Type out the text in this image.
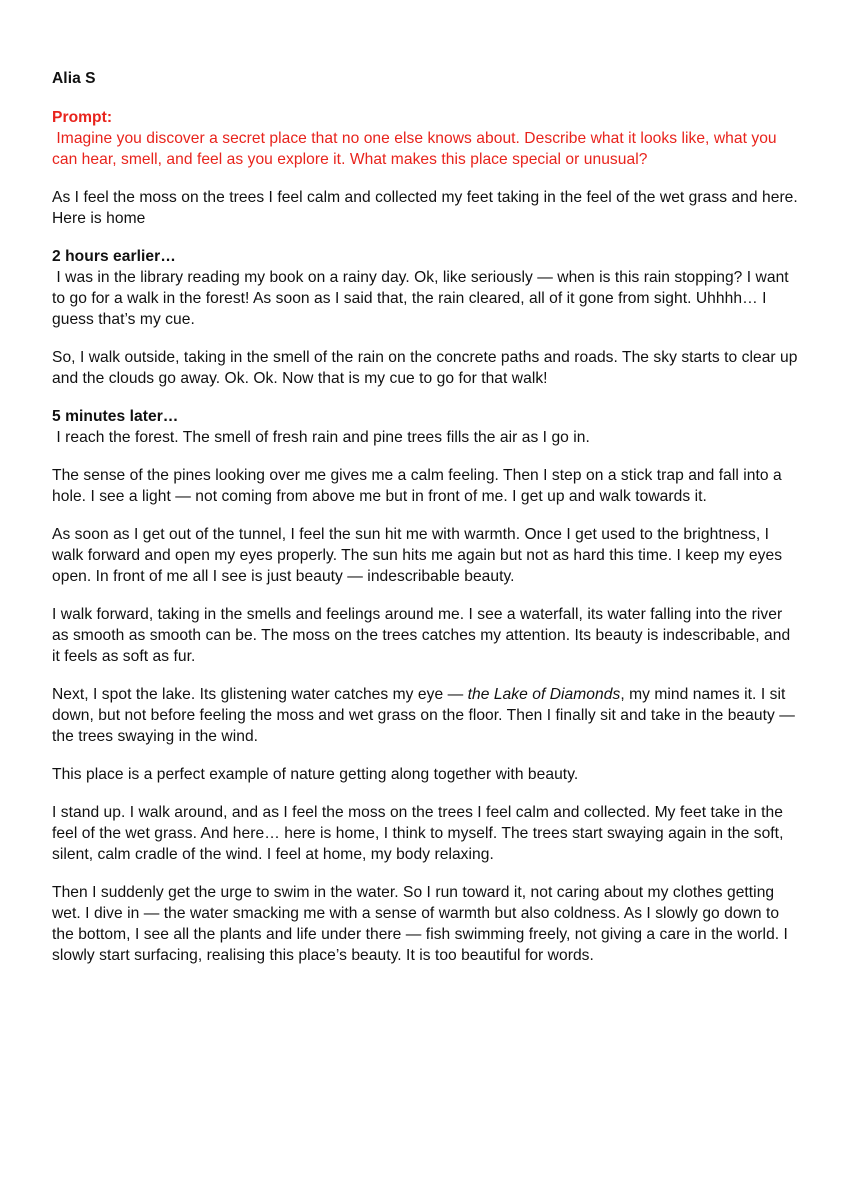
Alia S
Prompt:
Imagine you discover a secret place that no one else knows about. Describe what it looks like, what you can hear, smell, and feel as you explore it. What makes this place special or unusual?
As I feel the moss on the trees I feel calm and collected my feet taking in the feel of the wet grass and here. Here is home
2 hours earlier…
I was in the library reading my book on a rainy day. Ok, like seriously — when is this rain stopping? I want to go for a walk in the forest! As soon as I said that, the rain cleared, all of it gone from sight. Uhhhh… I guess that’s my cue.
So, I walk outside, taking in the smell of the rain on the concrete paths and roads. The sky starts to clear up and the clouds go away. Ok. Ok. Now that is my cue to go for that walk!
5 minutes later…
I reach the forest. The smell of fresh rain and pine trees fills the air as I go in.
The sense of the pines looking over me gives me a calm feeling. Then I step on a stick trap and fall into a hole. I see a light — not coming from above me but in front of me. I get up and walk towards it.
As soon as I get out of the tunnel, I feel the sun hit me with warmth. Once I get used to the brightness, I walk forward and open my eyes properly. The sun hits me again but not as hard this time. I keep my eyes open. In front of me all I see is just beauty — indescribable beauty.
I walk forward, taking in the smells and feelings around me. I see a waterfall, its water falling into the river as smooth as smooth can be. The moss on the trees catches my attention. Its beauty is indescribable, and it feels as soft as fur.
Next, I spot the lake. Its glistening water catches my eye — the Lake of Diamonds, my mind names it. I sit down, but not before feeling the moss and wet grass on the floor. Then I finally sit and take in the beauty — the trees swaying in the wind.
This place is a perfect example of nature getting along together with beauty.
I stand up. I walk around, and as I feel the moss on the trees I feel calm and collected. My feet take in the feel of the wet grass. And here… here is home, I think to myself. The trees start swaying again in the soft, silent, calm cradle of the wind. I feel at home, my body relaxing.
Then I suddenly get the urge to swim in the water. So I run toward it, not caring about my clothes getting wet. I dive in — the water smacking me with a sense of warmth but also coldness. As I slowly go down to the bottom, I see all the plants and life under there — fish swimming freely, not giving a care in the world. I slowly start surfacing, realising this place’s beauty. It is too beautiful for words.
